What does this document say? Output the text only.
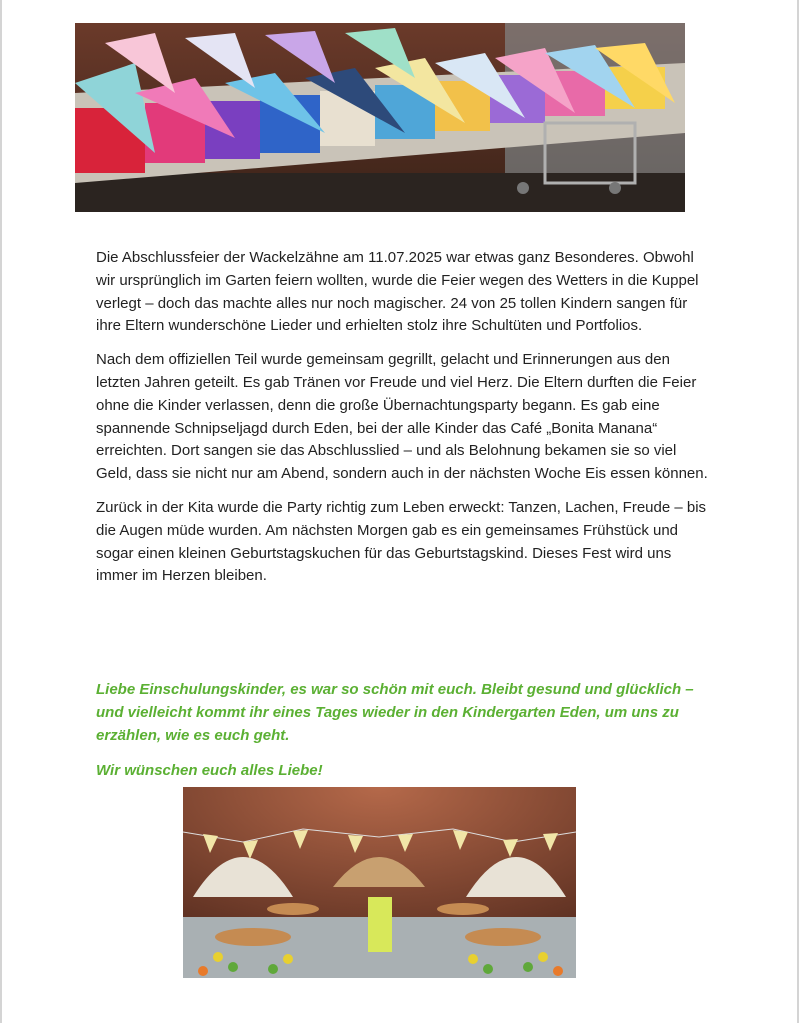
Die Abschlussfeier der Wackelzähne am 11.07.2025 war etwas ganz Besonderes. Obwohl wir ursprünglich im Garten feiern wollten, wurde die Feier wegen des Wetters in die Kuppel verlegt – doch das machte alles nur noch magischer. 24 von 25 tollen Kindern sangen für ihre Eltern wunderschöne Lieder und erhielten stolz ihre Schultüten und Portfolios.

Nach dem offiziellen Teil wurde gemeinsam gegrillt, gelacht und Erinnerungen aus den letzten Jahren geteilt. Es gab Tränen vor Freude und viel Herz. Die Eltern durften die Feier ohne die Kinder verlassen, denn die große Übernachtungsparty begann. Es gab eine spannende Schnipseljagd durch Eden, bei der alle Kinder das Café „Bonita Manana“ erreichten. Dort sangen sie das Abschlusslied – und als Belohnung bekamen sie so viel Geld, dass sie nicht nur am Abend, sondern auch in der nächsten Woche Eis essen können.

Zurück in der Kita wurde die Party richtig zum Leben erweckt: Tanzen, Lachen, Freude – bis die Augen müde wurden. Am nächsten Morgen gab es ein gemeinsames Frühstück und sogar einen kleinen Geburtstagskuchen für das Geburtstagskind. Dieses Fest wird uns immer im Herzen bleiben.

Liebe Einschulungskinder, es war so schön mit euch. Bleibt gesund und glücklich – und vielleicht kommt ihr eines Tages wieder in den Kindergarten Eden, um uns zu erzählen, wie es euch geht.

Wir wünschen euch alles Liebe!
